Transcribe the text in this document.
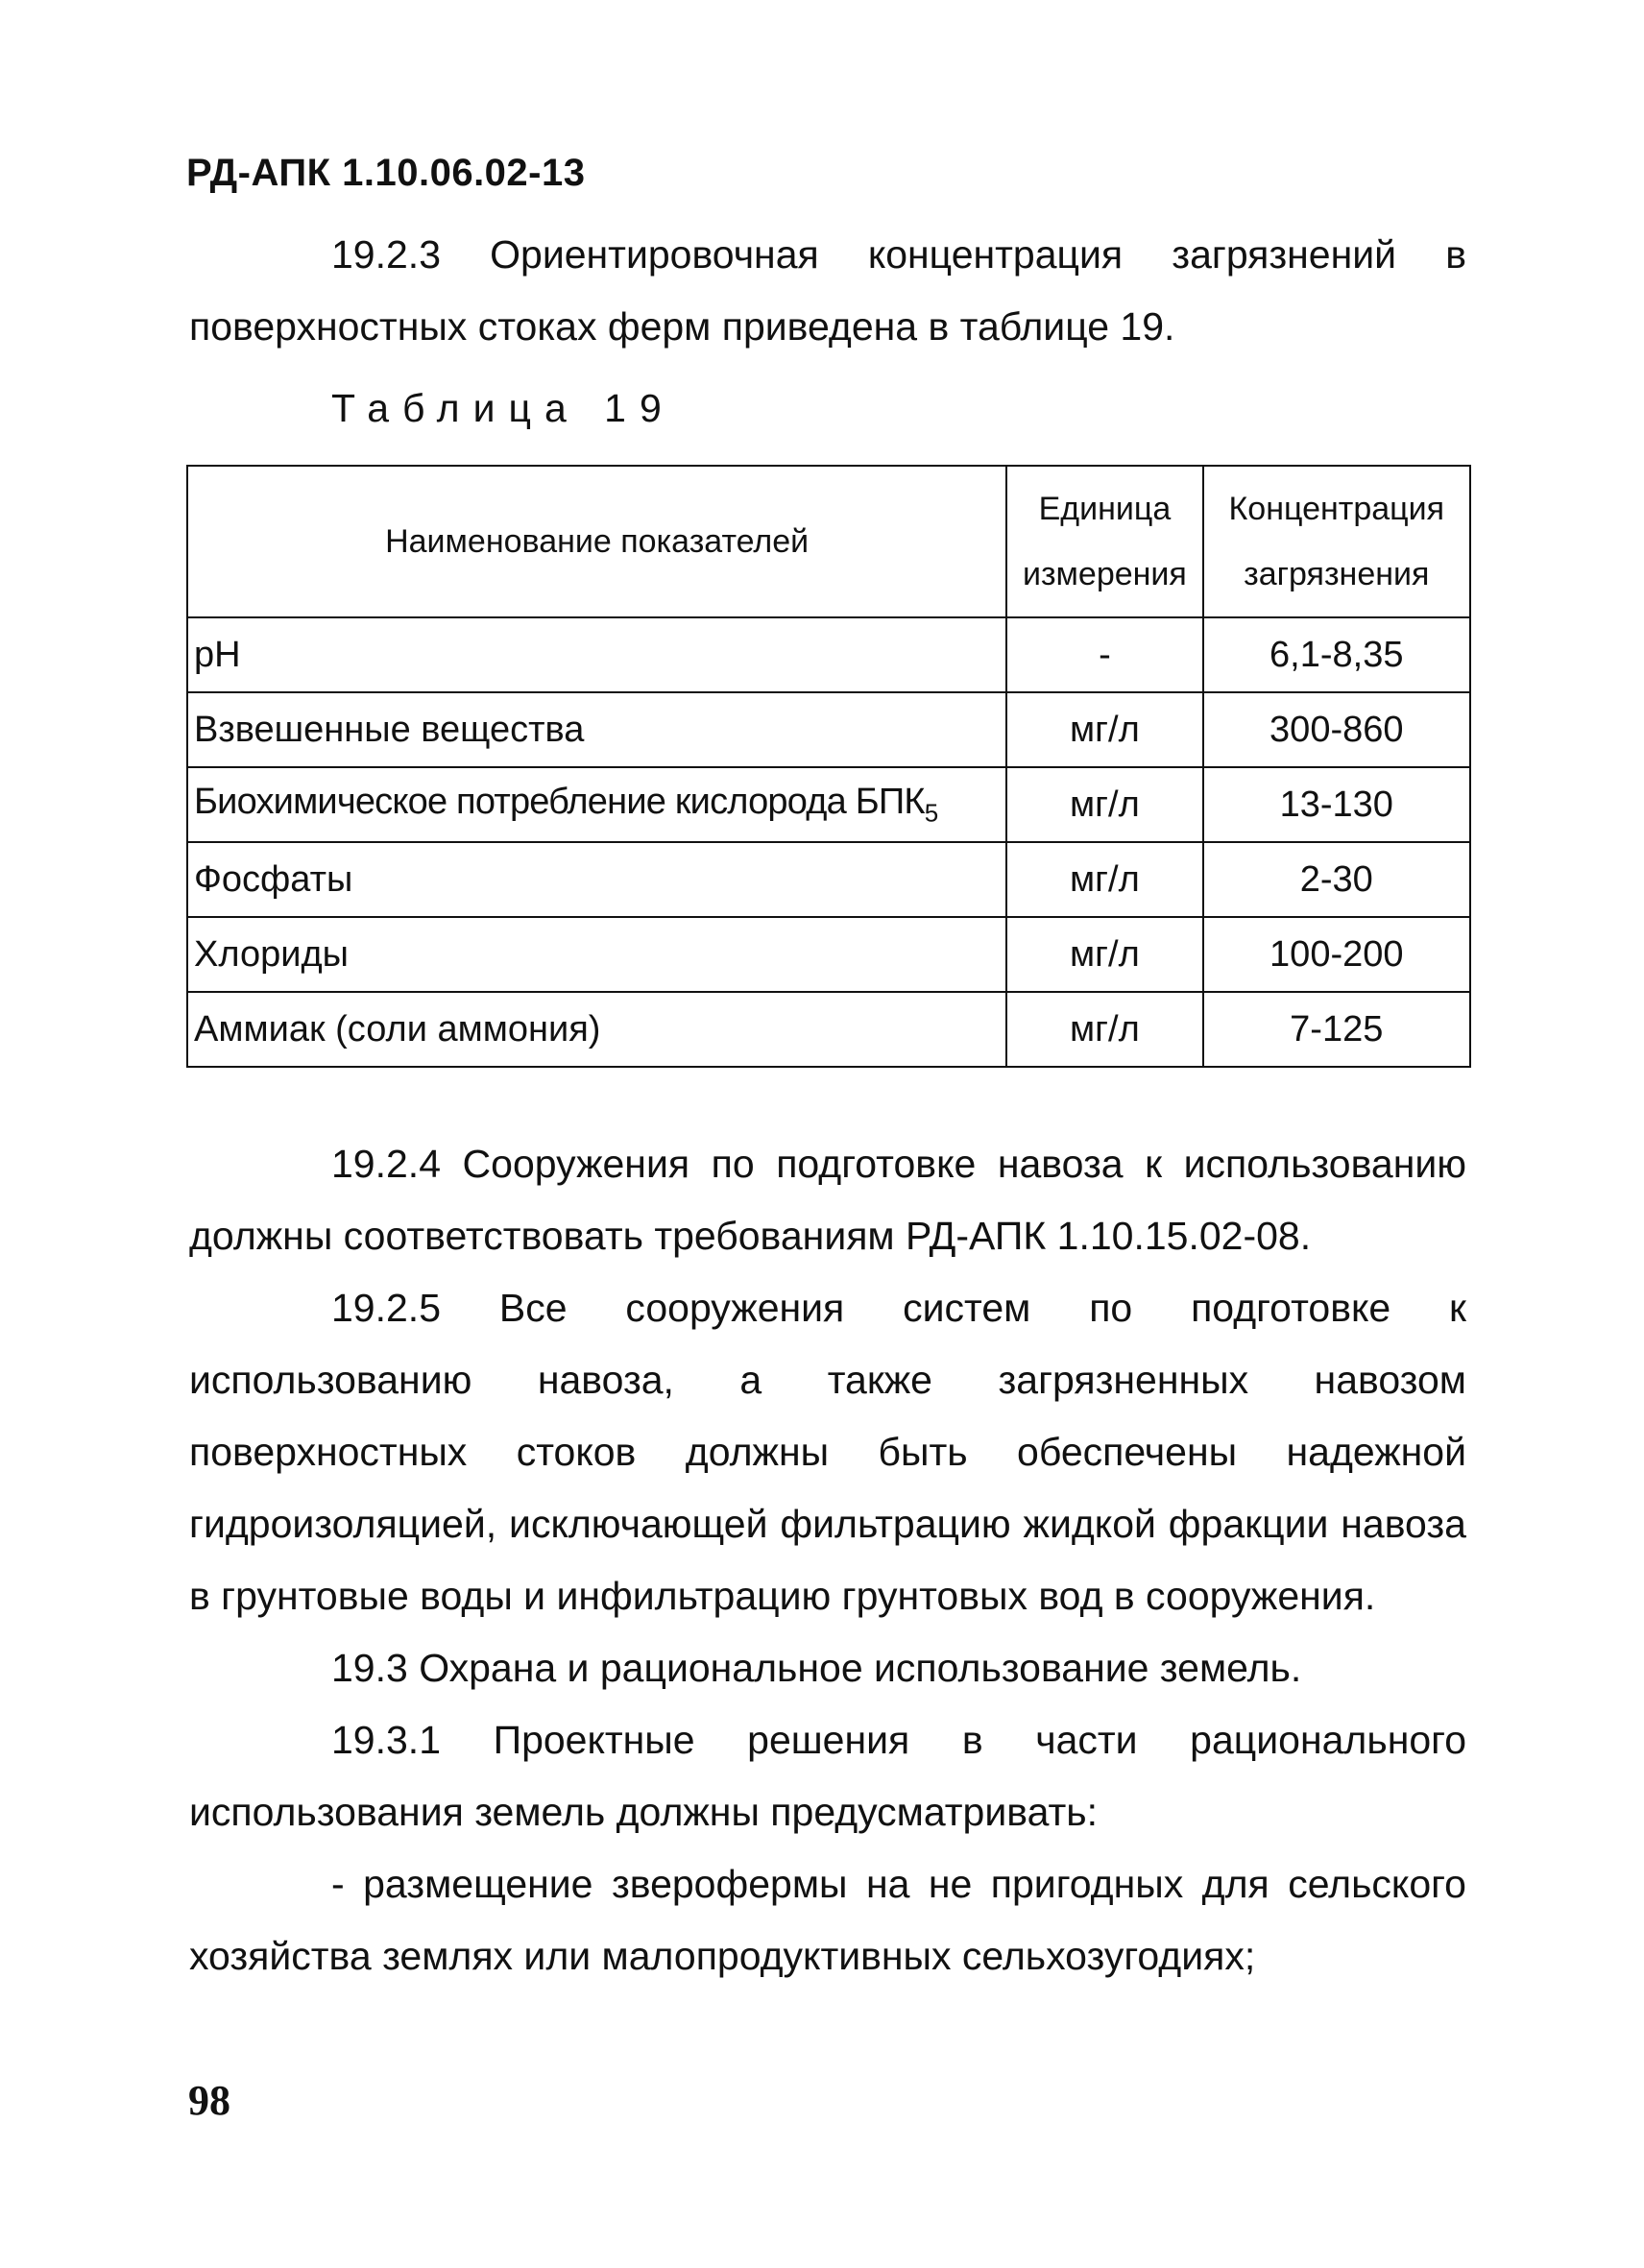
РД-АПК 1.10.06.02-13

19.2.3 Ориентировочная концентрация загрязнений в поверхностных стоках ферм приведена в таблице 19.

Таблица 19
Наименование показателей	Единица измерения	Концентрация загрязнения
pH	-	6,1-8,35
Взвешенные вещества	мг/л	300-860
Биохимическое потребление кислорода $БПК_5$	мг/л	13-130
Фосфаты	мг/л	2-30
Хлориды	мг/л	100-200
Аммиак (соли аммония)	мг/л	7-125

19.2.4 Сооружения по подготовке навоза к использованию должны соответствовать требованиям РД-АПК 1.10.15.02-08.

19.2.5 Все сооружения систем по подготовке к использованию навоза, а также загрязненных навозом поверхностных стоков должны быть обеспечены надежной гидроизоляцией, исключающей фильтрацию жидкой фракции навоза в грунтовые воды и инфильтрацию грунтовых вод в сооружения.

19.3 Охрана и рациональное использование земель.

19.3.1 Проектные решения в части рационального использования земель должны предусматривать:

- размещение зверофермы на не пригодных для сельского хозяйства землях или малопродуктивных сельхозугодиях;

98
